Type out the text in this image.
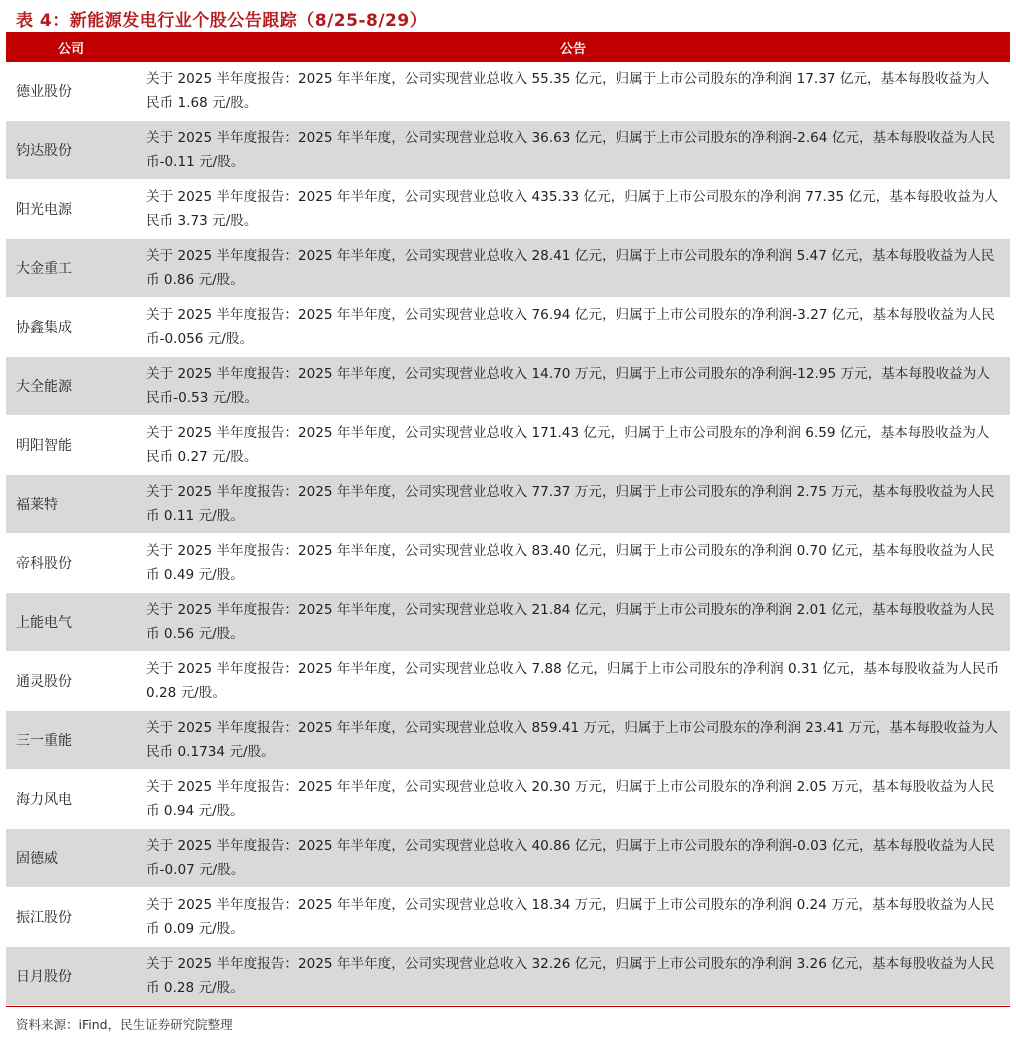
表 4：新能源发电行业个股公告跟踪（8/25-8/29）
公司	公告
德业股份
关于 2025 半年度报告：2025 年半年度，公司实现营业总收入 55.35 亿元，归属于上市公司股东的净利润 17.37 亿元，基本每股收益为人民币 1.68 元/股。
钧达股份
关于 2025 半年度报告：2025 年半年度，公司实现营业总收入 36.63 亿元，归属于上市公司股东的净利润-2.64 亿元，基本每股收益为人民币-0.11 元/股。
阳光电源
关于 2025 半年度报告：2025 年半年度，公司实现营业总收入 435.33 亿元，归属于上市公司股东的净利润 77.35 亿元，基本每股收益为人民币 3.73 元/股。
大金重工
关于 2025 半年度报告：2025 年半年度，公司实现营业总收入 28.41 亿元，归属于上市公司股东的净利润 5.47 亿元，基本每股收益为人民币 0.86 元/股。
协鑫集成
关于 2025 半年度报告：2025 年半年度，公司实现营业总收入 76.94 亿元，归属于上市公司股东的净利润-3.27 亿元，基本每股收益为人民币-0.056 元/股。
大全能源
关于 2025 半年度报告：2025 年半年度，公司实现营业总收入 14.70 万元，归属于上市公司股东的净利润-12.95 万元，基本每股收益为人民币-0.53 元/股。
明阳智能
关于 2025 半年度报告：2025 年半年度，公司实现营业总收入 171.43 亿元，归属于上市公司股东的净利润 6.59 亿元，基本每股收益为人民币 0.27 元/股。
福莱特
关于 2025 半年度报告：2025 年半年度，公司实现营业总收入 77.37 万元，归属于上市公司股东的净利润 2.75 万元，基本每股收益为人民币 0.11 元/股。
帝科股份
关于 2025 半年度报告：2025 年半年度，公司实现营业总收入 83.40 亿元，归属于上市公司股东的净利润 0.70 亿元，基本每股收益为人民币 0.49 元/股。
上能电气
关于 2025 半年度报告：2025 年半年度，公司实现营业总收入 21.84 亿元，归属于上市公司股东的净利润 2.01 亿元，基本每股收益为人民币 0.56 元/股。
通灵股份
关于 2025 半年度报告：2025 年半年度，公司实现营业总收入 7.88 亿元，归属于上市公司股东的净利润 0.31 亿元，基本每股收益为人民币 0.28 元/股。
三一重能
关于 2025 半年度报告：2025 年半年度，公司实现营业总收入 859.41 万元，归属于上市公司股东的净利润 23.41 万元，基本每股收益为人民币 0.1734 元/股。
海力风电
关于 2025 半年度报告：2025 年半年度，公司实现营业总收入 20.30 万元，归属于上市公司股东的净利润 2.05 万元，基本每股收益为人民币 0.94 元/股。
固德威
关于 2025 半年度报告：2025 年半年度，公司实现营业总收入 40.86 亿元，归属于上市公司股东的净利润-0.03 亿元，基本每股收益为人民币-0.07 元/股。
振江股份
关于 2025 半年度报告：2025 年半年度，公司实现营业总收入 18.34 万元，归属于上市公司股东的净利润 0.24 万元，基本每股收益为人民币 0.09 元/股。
日月股份
关于 2025 半年度报告：2025 年半年度，公司实现营业总收入 32.26 亿元，归属于上市公司股东的净利润 3.26 亿元，基本每股收益为人民币 0.28 元/股。
资料来源：iFind，民生证券研究院整理
